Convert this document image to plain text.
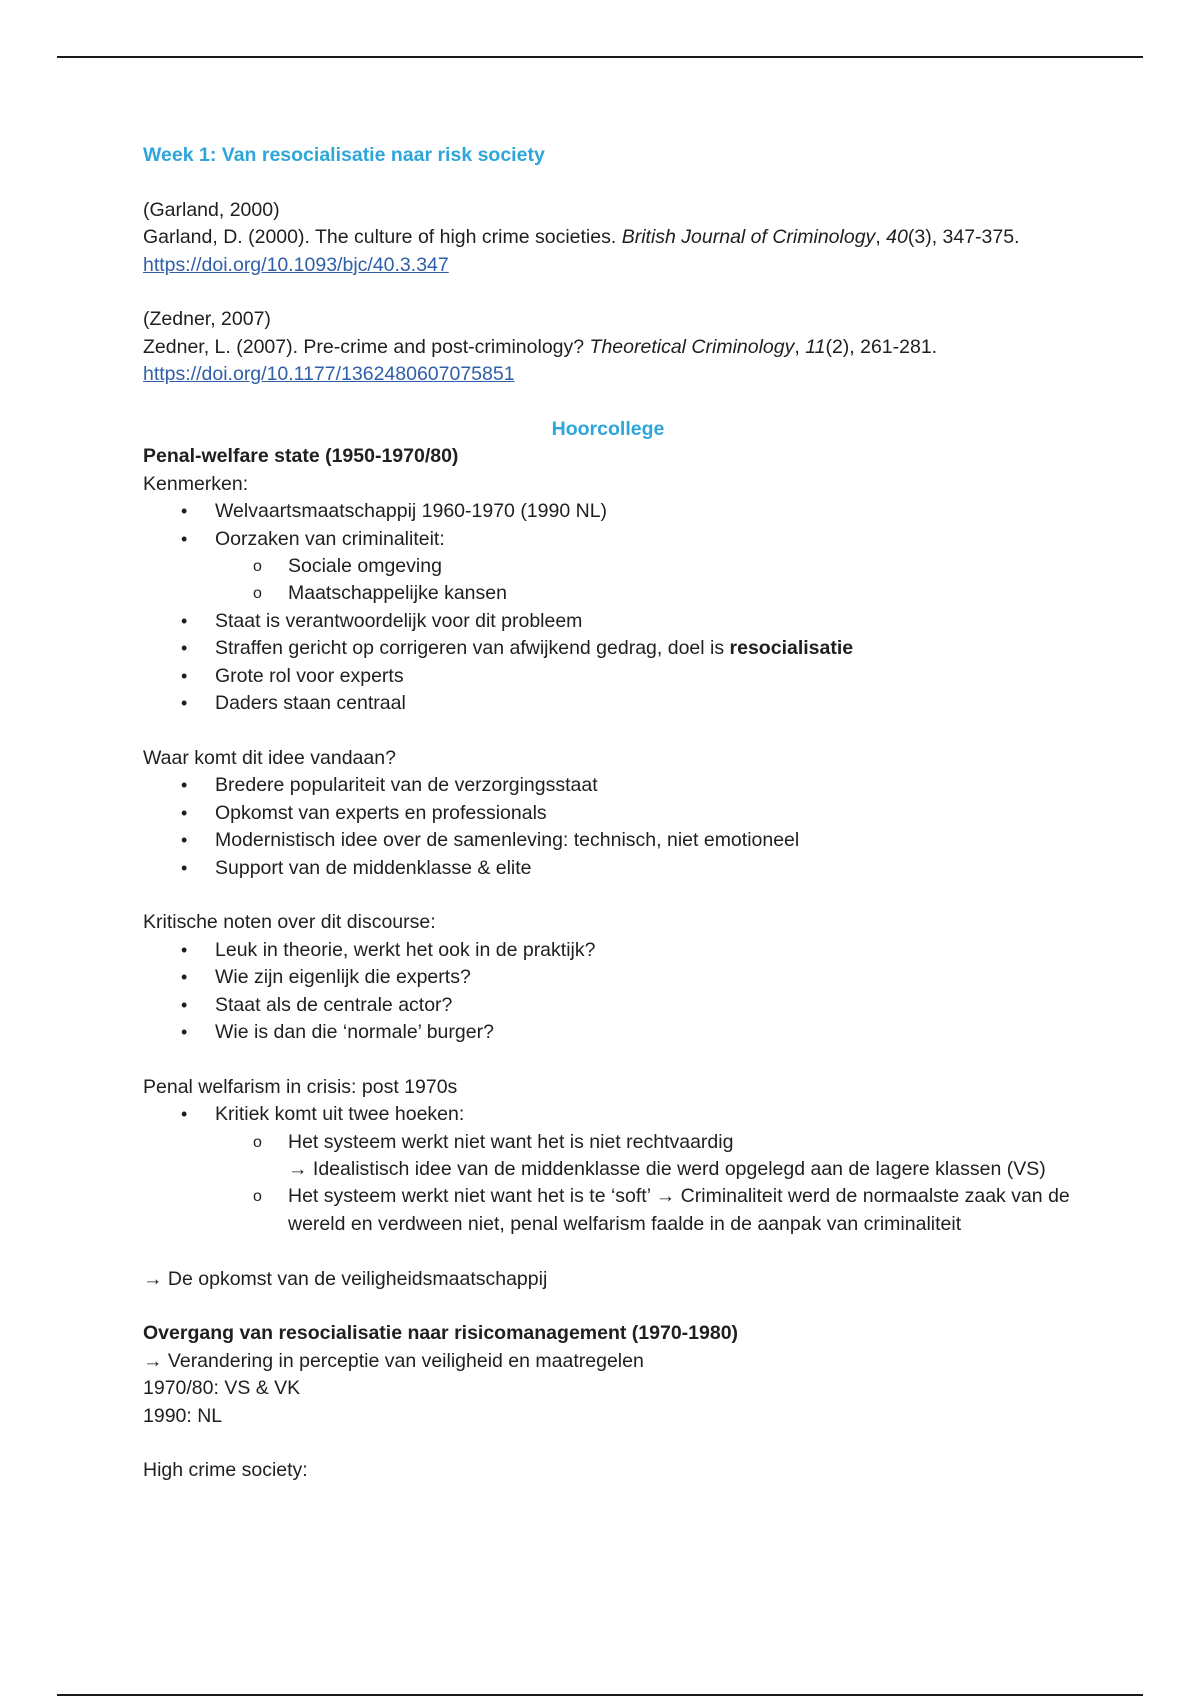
Week 1: Van resocialisatie naar risk society

(Garland, 2000)

Garland, D. (2000). The culture of high crime societies. British Journal of Criminology, 40(3), 347-375.

https://doi.org/10.1093/bjc/40.3.347

(Zedner, 2007)

Zedner, L. (2007). Pre-crime and post-criminology? Theoretical Criminology, 11(2), 261-281.

https://doi.org/10.1177/1362480607075851

Hoorcollege

Penal-welfare state (1950-1970/80)

Kenmerken:

• Welvaartsmaatschappij 1960-1970 (1990 NL)
• Oorzaken van criminaliteit:
o Sociale omgeving
o Maatschappelijke kansen
• Staat is verantwoordelijk voor dit probleem
• Straffen gericht op corrigeren van afwijkend gedrag, doel is resocialisatie
• Grote rol voor experts
• Daders staan centraal

Waar komt dit idee vandaan?

• Bredere populariteit van de verzorgingsstaat
• Opkomst van experts en professionals
• Modernistisch idee over de samenleving: technisch, niet emotioneel
• Support van de middenklasse & elite

Kritische noten over dit discourse:

• Leuk in theorie, werkt het ook in de praktijk?
• Wie zijn eigenlijk die experts?
• Staat als de centrale actor?
• Wie is dan die ‘normale’ burger?

Penal welfarism in crisis: post 1970s

• Kritiek komt uit twee hoeken:
o Het systeem werkt niet want het is niet rechtvaardig
→ Idealistisch idee van de middenklasse die werd opgelegd aan de lagere klassen (VS)
o Het systeem werkt niet want het is te ‘soft’ → Criminaliteit werd de normaalste zaak van de wereld en verdween niet, penal welfarism faalde in de aanpak van criminaliteit

→ De opkomst van de veiligheidsmaatschappij

Overgang van resocialisatie naar risicomanagement (1970-1980)

→ Verandering in perceptie van veiligheid en maatregelen

1970/80: VS & VK

1990: NL

High crime society:
